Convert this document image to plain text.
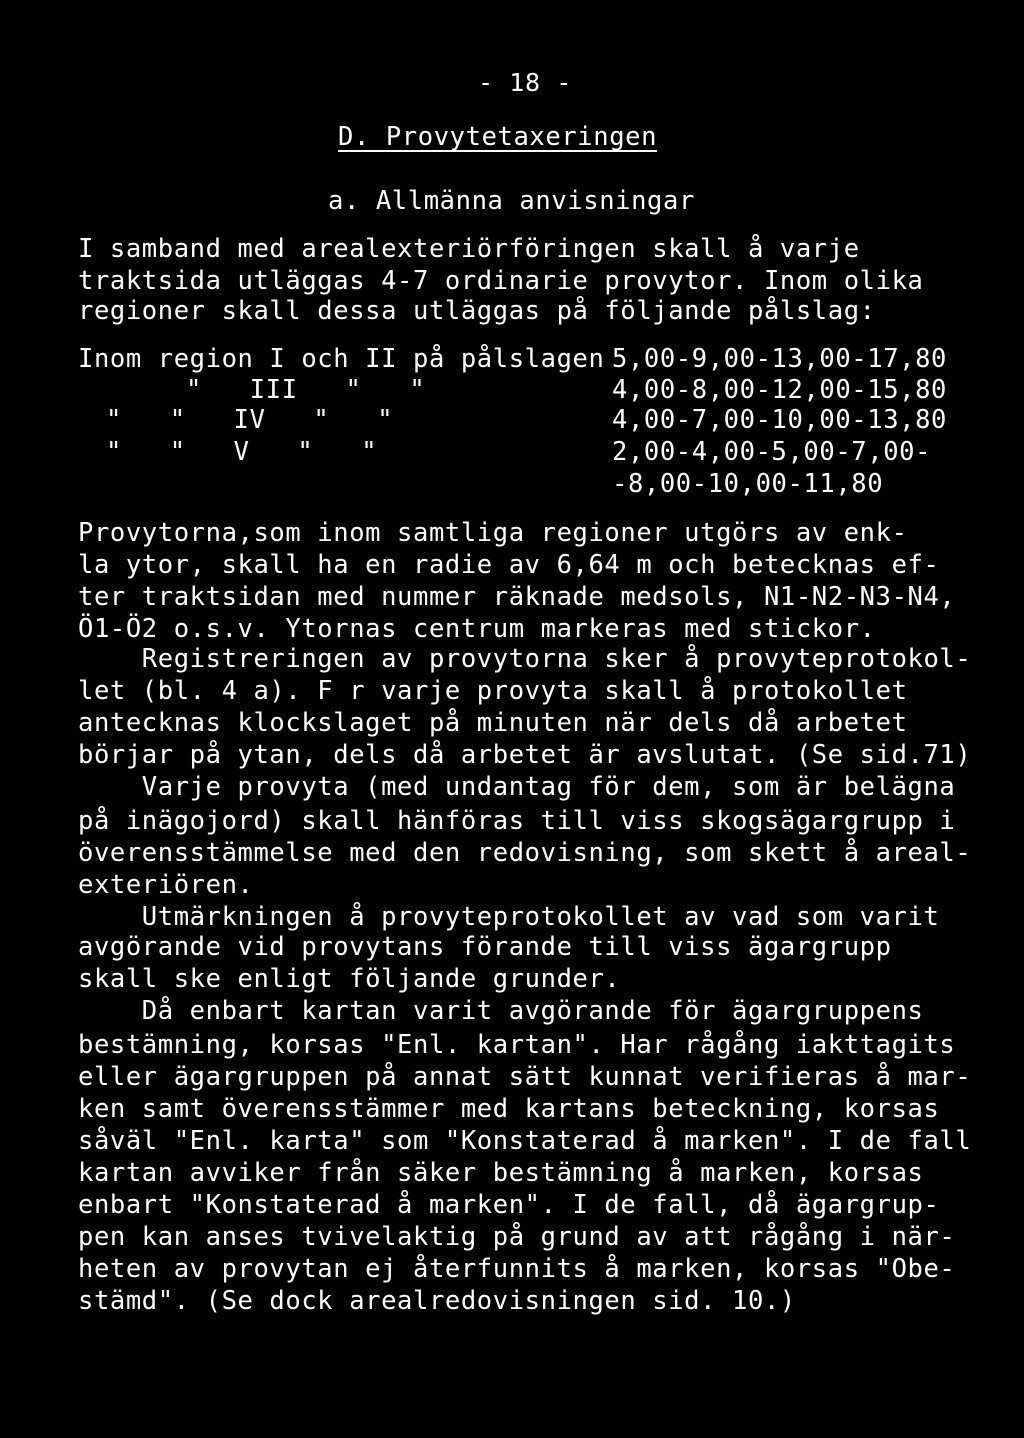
- 18 -
D. Provytetaxeringen
a. Allmänna anvisningar
I samband med arealexteriörföringen skall å varje
traktsida utläggas 4-7 ordinarie provytor. Inom olika
regioner skall dessa utläggas på följande pålslag:
Inom region I och II på pålslagen 5,00-9,00-13,00-17,80
"   III   "   "	4,00-8,00-12,00-15,80
"   "   IV   "   "	4,00-7,00-10,00-13,80
"   "   V   "   "	2,00-4,00-5,00-7,00-
-8,00-10,00-11,80
Provytorna,som inom samtliga regioner utgörs av enk-
la ytor, skall ha en radie av 6,64 m och betecknas ef-
ter traktsidan med nummer räknade medsols, N1-N2-N3-N4,
Ö1-Ö2 o.s.v. Ytornas centrum markeras med stickor.
Registreringen av provytorna sker å provyteprotokol-
let (bl. 4 a). F r varje provyta skall å protokollet
antecknas klockslaget på minuten när dels då arbetet
börjar på ytan, dels då arbetet är avslutat. (Se sid.71)
Varje provyta (med undantag för dem, som är belägna
på inägojord) skall hänföras till viss skogsägargrupp i
överensstämmelse med den redovisning, som skett å areal-
exteriören.
Utmärkningen å provyteprotokollet av vad som varit
avgörande vid provytans förande till viss ägargrupp
skall ske enligt följande grunder.
Då enbart kartan varit avgörande för ägargruppens
bestämning, korsas "Enl. kartan". Har rågång iakttagits
eller ägargruppen på annat sätt kunnat verifieras å mar-
ken samt överensstämmer med kartans beteckning, korsas
såväl "Enl. karta" som "Konstaterad å marken". I de fall
kartan avviker från säker bestämning å marken, korsas
enbart "Konstaterad å marken". I de fall, då ägargrup-
pen kan anses tvivelaktig på grund av att rågång i när-
heten av provytan ej återfunnits å marken, korsas "Obe-
stämd". (Se dock arealredovisningen sid. 10.)
